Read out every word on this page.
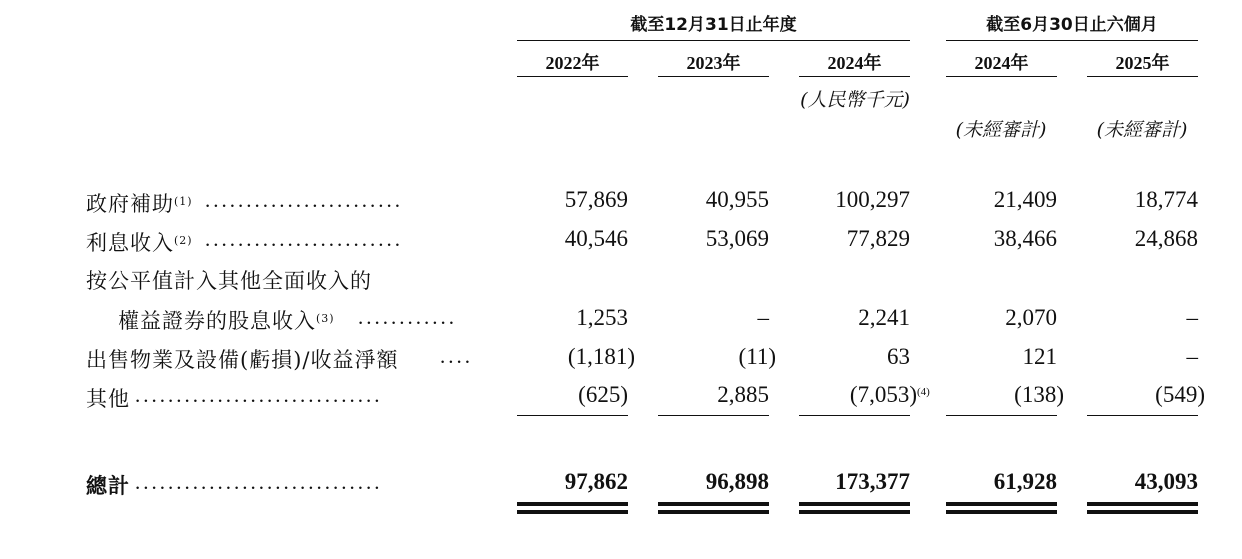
截至12月31日止年度	截至6月30日止六個月
2022年	2023年	2024年	2024年	2025年
(人民幣千元)
(未經審計)	(未經審計)
政府補助$^{(1)}$ ........................	57,869	40,955	100,297	21,409	18,774
利息收入$^{(2)}$ ........................	40,546	53,069	77,829	38,466	24,868
按公平值計入其他全面收入的
權益證券的股息收入$^{(3)}$ ............	1,253	–	2,241	2,070	–
出售物業及設備(虧損)/收益淨額 ....	(1,181)	(11)	63	121	–
其他 ..............................	(625)	2,885	(7,053) (4)	(138)	(549)
總計 ..............................	97,862	96,898	173,377	61,928	43,093
